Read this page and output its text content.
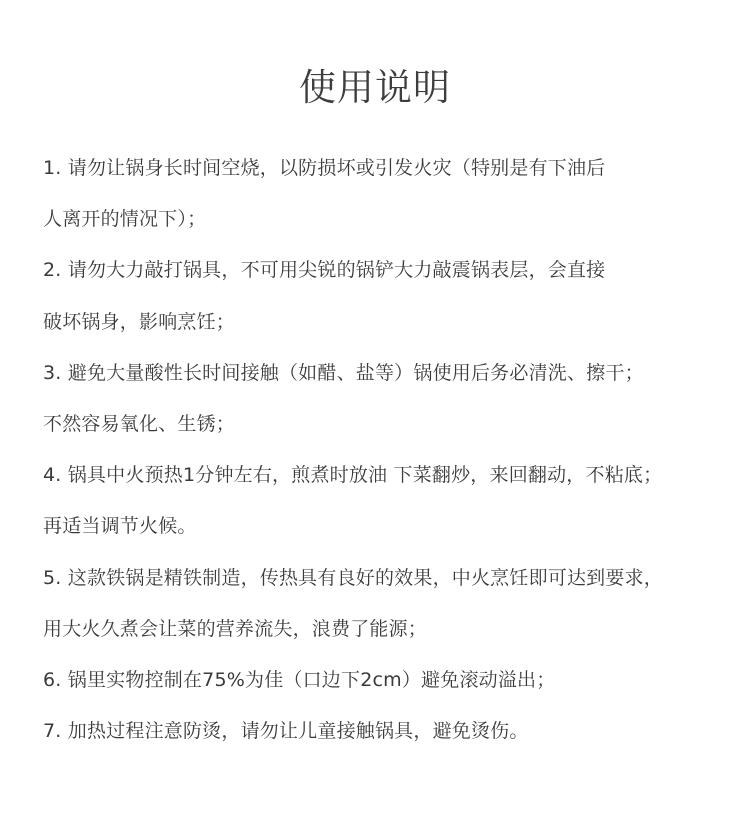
使用说明
1. 请勿让锅身长时间空烧，以防损坏或引发火灾（特别是有下油后
人离开的情况下）；
2. 请勿大力敲打锅具，不可用尖锐的锅铲大力敲震锅表层，会直接
破坏锅身，影响烹饪；
3. 避免大量酸性长时间接触（如醋、盐等）锅使用后务必清洗、擦干；
不然容易氧化、生锈；
4. 锅具中火预热1分钟左右，煎煮时放油 下菜翻炒，来回翻动，不粘底；
再适当调节火候。
5. 这款铁锅是精铁制造，传热具有良好的效果，中火烹饪即可达到要求，
用大火久煮会让菜的营养流失，浪费了能源；
6. 锅里实物控制在75%为佳（口边下2cm）避免滚动溢出；
7. 加热过程注意防烫，请勿让儿童接触锅具，避免烫伤。
